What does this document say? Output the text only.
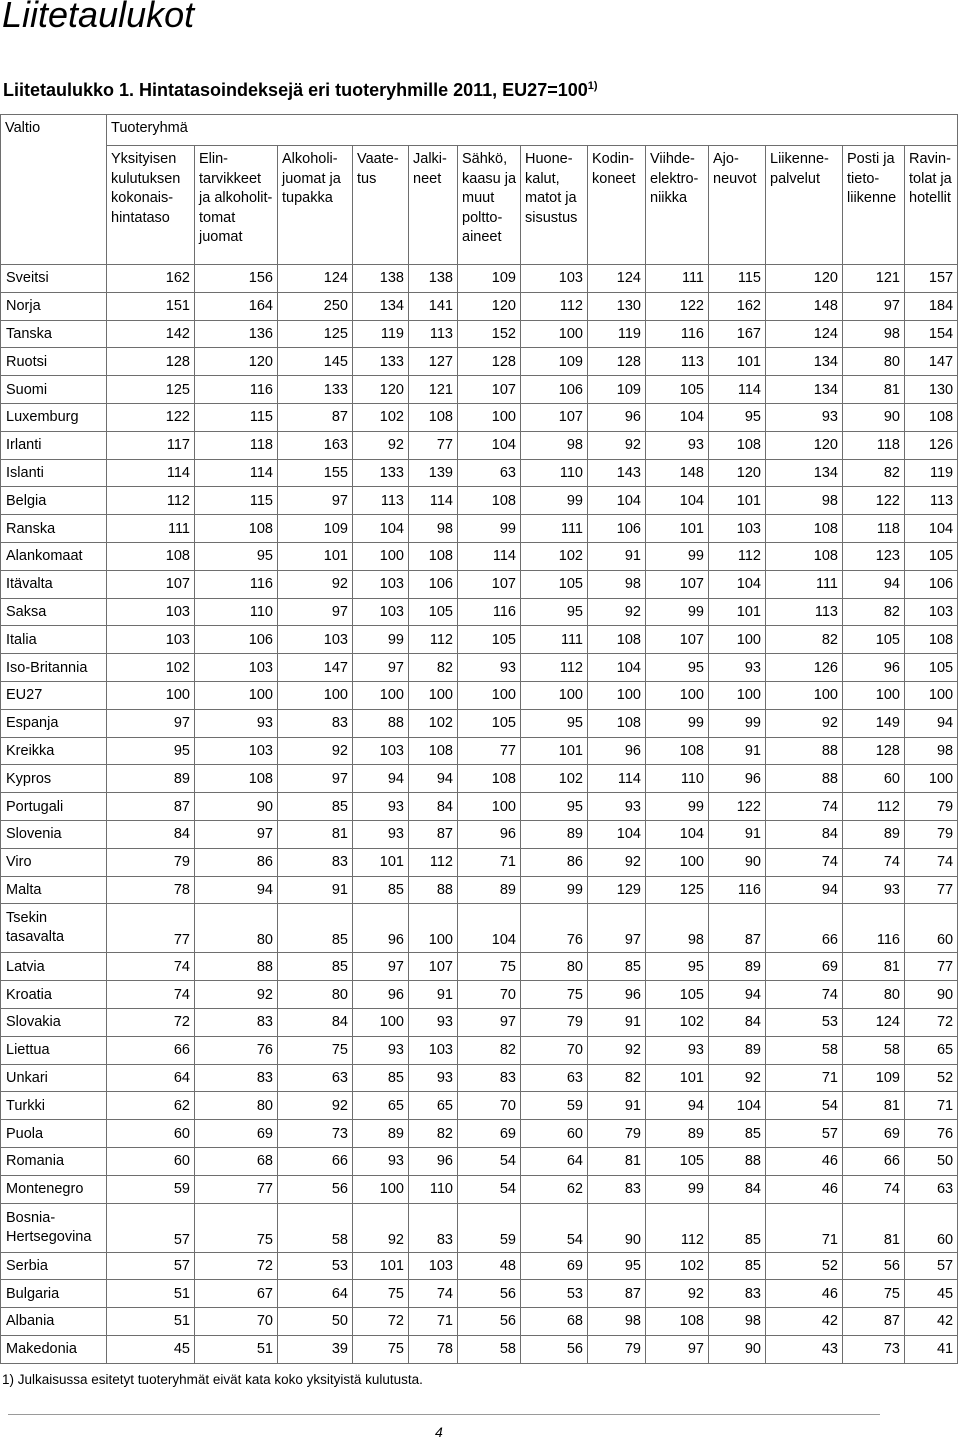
Liitetaulukot
Liitetaulukko 1. Hintatasoindeksejä eri tuoteryhmille 2011, $EU27=100^{1)}$
Valtio	Tuoteryhmä												
	Yksityisen kulutuksen kokonais- hintataso	Elin- tarvikkeet ja alkoholit- tomat juomat	Alkoholi- juomat ja tupakka	Vaate- tus	Jalki- neet	Sähkö, kaasu ja muut poltto- aineet	Huone- kalut, matot ja sisustus	Kodin- koneet	Viihde- elektro- niikka	Ajo- neuvot	Liikenne- palvelut	Posti ja tieto- liikenne	Ravin- tolat ja hotellit
Sveitsi	162	156	124	138	138	109	103	124	111	115	120	121	157
Norja	151	164	250	134	141	120	112	130	122	162	148	97	184
Tanska	142	136	125	119	113	152	100	119	116	167	124	98	154
Ruotsi	128	120	145	133	127	128	109	128	113	101	134	80	147
Suomi	125	116	133	120	121	107	106	109	105	114	134	81	130
Luxemburg	122	115	87	102	108	100	107	96	104	95	93	90	108
Irlanti	117	118	163	92	77	104	98	92	93	108	120	118	126
Islanti	114	114	155	133	139	63	110	143	148	120	134	82	119
Belgia	112	115	97	113	114	108	99	104	104	101	98	122	113
Ranska	111	108	109	104	98	99	111	106	101	103	108	118	104
Alankomaat	108	95	101	100	108	114	102	91	99	112	108	123	105
Itävalta	107	116	92	103	106	107	105	98	107	104	111	94	106
Saksa	103	110	97	103	105	116	95	92	99	101	113	82	103
Italia	103	106	103	99	112	105	111	108	107	100	82	105	108
Iso-Britannia	102	103	147	97	82	93	112	104	95	93	126	96	105
EU27	100	100	100	100	100	100	100	100	100	100	100	100	100
Espanja	97	93	83	88	102	105	95	108	99	99	92	149	94
Kreikka	95	103	92	103	108	77	101	96	108	91	88	128	98
Kypros	89	108	97	94	94	108	102	114	110	96	88	60	100
Portugali	87	90	85	93	84	100	95	93	99	122	74	112	79
Slovenia	84	97	81	93	87	96	89	104	104	91	84	89	79
Viro	79	86	83	101	112	71	86	92	100	90	74	74	74
Malta	78	94	91	85	88	89	99	129	125	116	94	93	77
Tsekin tasavalta	77	80	85	96	100	104	76	97	98	87	66	116	60
Latvia	74	88	85	97	107	75	80	85	95	89	69	81	77
Kroatia	74	92	80	96	91	70	75	96	105	94	74	80	90
Slovakia	72	83	84	100	93	97	79	91	102	84	53	124	72
Liettua	66	76	75	93	103	82	70	92	93	89	58	58	65
Unkari	64	83	63	85	93	83	63	82	101	92	71	109	52
Turkki	62	80	92	65	65	70	59	91	94	104	54	81	71
Puola	60	69	73	89	82	69	60	79	89	85	57	69	76
Romania	60	68	66	93	96	54	64	81	105	88	46	66	50
Montenegro	59	77	56	100	110	54	62	83	99	84	46	74	63
Bosnia- Hertsegovina	57	75	58	92	83	59	54	90	112	85	71	81	60
Serbia	57	72	53	101	103	48	69	95	102	85	52	56	57
Bulgaria	51	67	64	75	74	56	53	87	92	83	46	75	45
Albania	51	70	50	72	71	56	68	98	108	98	42	87	42
Makedonia	45	51	39	75	78	58	56	79	97	90	43	73	41
1) Julkaisussa esitetyt tuoteryhmät eivät kata koko yksityistä kulutusta.
4
